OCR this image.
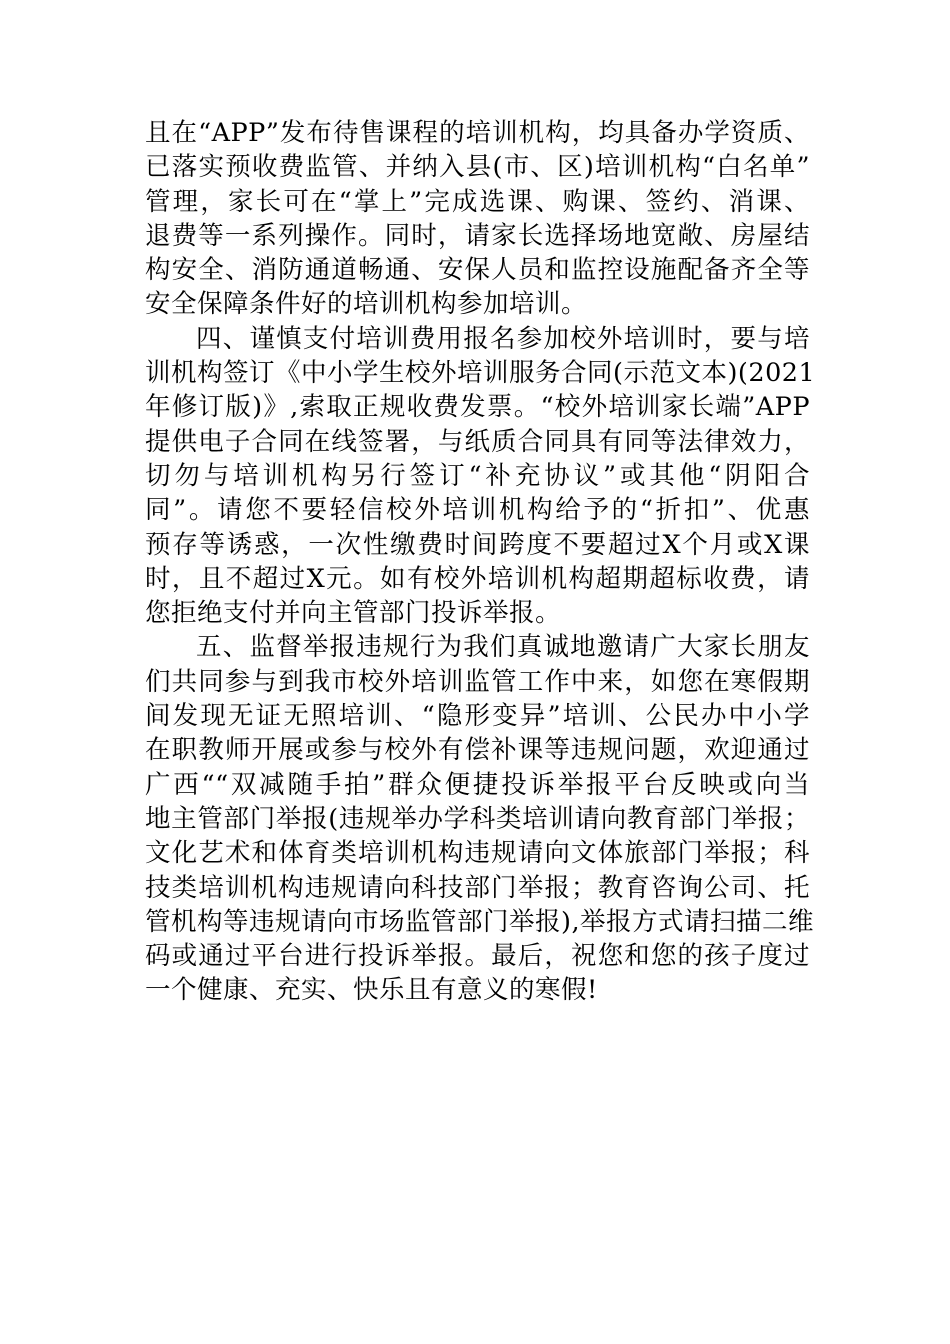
且在“APP”发布待售课程的培训机构，均具备办学资质、
已落实预收费监管、并纳入县(市、区)培训机构“白名单”
管理，家长可在“掌上”完成选课、购课、签约、消课、
退费等一系列操作。同时，请家长选择场地宽敞、房屋结
构安全、消防通道畅通、安保人员和监控设施配备齐全等
安全保障条件好的培训机构参加培训。
四、谨慎支付培训费用报名参加校外培训时，要与培
训机构签订《中小学生校外培训服务合同(示范文本)(2021
年修订版)》,索取正规收费发票。“校外培训家长端”APP
提供电子合同在线签署，与纸质合同具有同等法律效力，
切勿与培训机构另行签订“补充协议”或其他“阴阳合
同”。请您不要轻信校外培训机构给予的“折扣”、优惠
预存等诱惑，一次性缴费时间跨度不要超过X个月或X课
时，且不超过X元。如有校外培训机构超期超标收费，请
您拒绝支付并向主管部门投诉举报。
五、监督举报违规行为我们真诚地邀请广大家长朋友
们共同参与到我市校外培训监管工作中来，如您在寒假期
间发现无证无照培训、“隐形变异”培训、公民办中小学
在职教师开展或参与校外有偿补课等违规问题，欢迎通过
广西““双减随手拍”群众便捷投诉举报平台反映或向当
地主管部门举报(违规举办学科类培训请向教育部门举报；
文化艺术和体育类培训机构违规请向文体旅部门举报；科
技类培训机构违规请向科技部门举报；教育咨询公司、托
管机构等违规请向市场监管部门举报),举报方式请扫描二维
码或通过平台进行投诉举报。最后，祝您和您的孩子度过
一个健康、充实、快乐且有意义的寒假!
